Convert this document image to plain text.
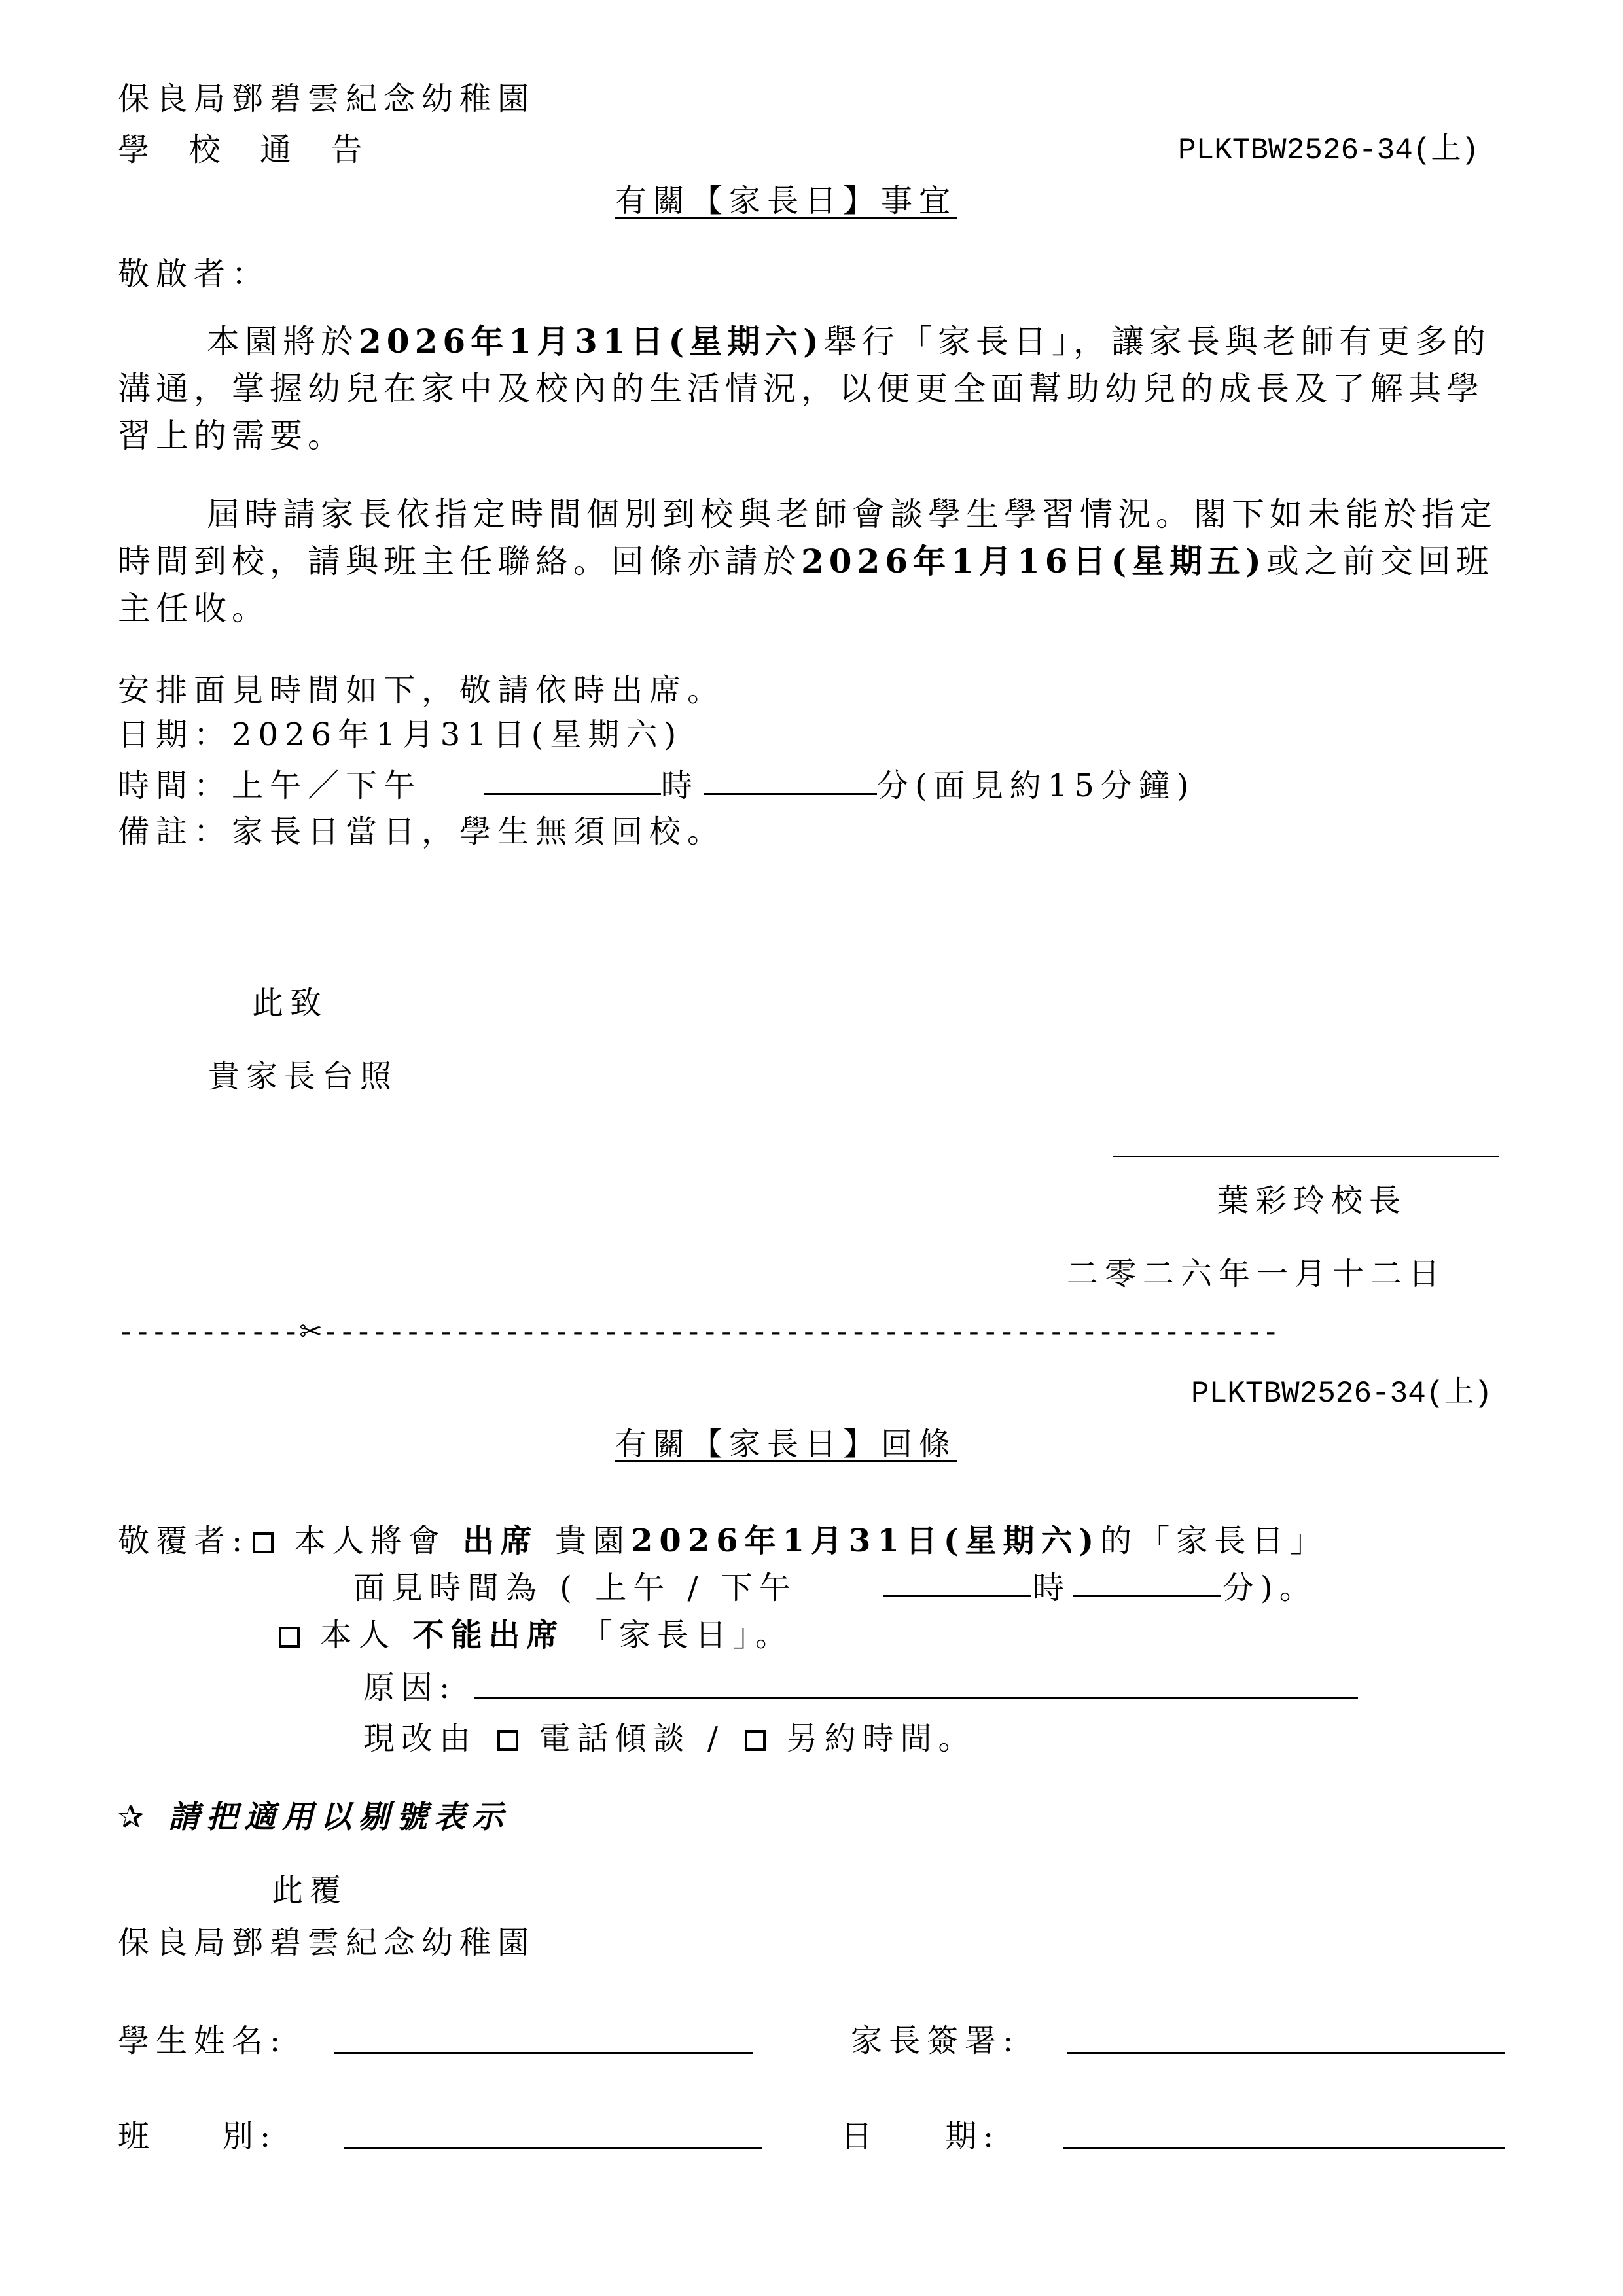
保良局鄧碧雲紀念幼稚園
學  校  通  告	PLKTBW2526-34(上)
有關【家長日】事宜
敬啟者：
本園將於2026年1月31日(星期六)舉行「家長日」，讓家長與老師有更多的溝通，掌握幼兒在家中及校內的生活情況，以便更全面幫助幼兒的成長及了解其學習上的需要。
屆時請家長依指定時間個別到校與老師會談學生學習情況。閣下如未能於指定時間到校，請與班主任聯絡。回條亦請於2026年1月16日(星期五)或之前交回班主任收。
安排面見時間如下，敬請依時出席。
日期：2026年1月31日(星期六)
時間：上午／下午	時	分(面見約15分鐘)
備註：家長日當日，學生無須回校。
此致
貴家長台照
葉彩玲校長
二零二六年一月十二日
-----------✂----------------------------------------------------------
PLKTBW2526-34(上)
有關【家長日】回條
敬覆者: 本人將會 出席 貴園2026年1月31日(星期六)的「家長日」
面見時間為 ( 上午 / 下午	時	分)。
本人 不能出席 「家長日」。
原因:
現改由 電話傾談 / 另約時間。
✰ 請把適用以剔號表示
此覆
保良局鄧碧雲紀念幼稚園
學生姓名:	家長簽署:
班    別:	日    期:
